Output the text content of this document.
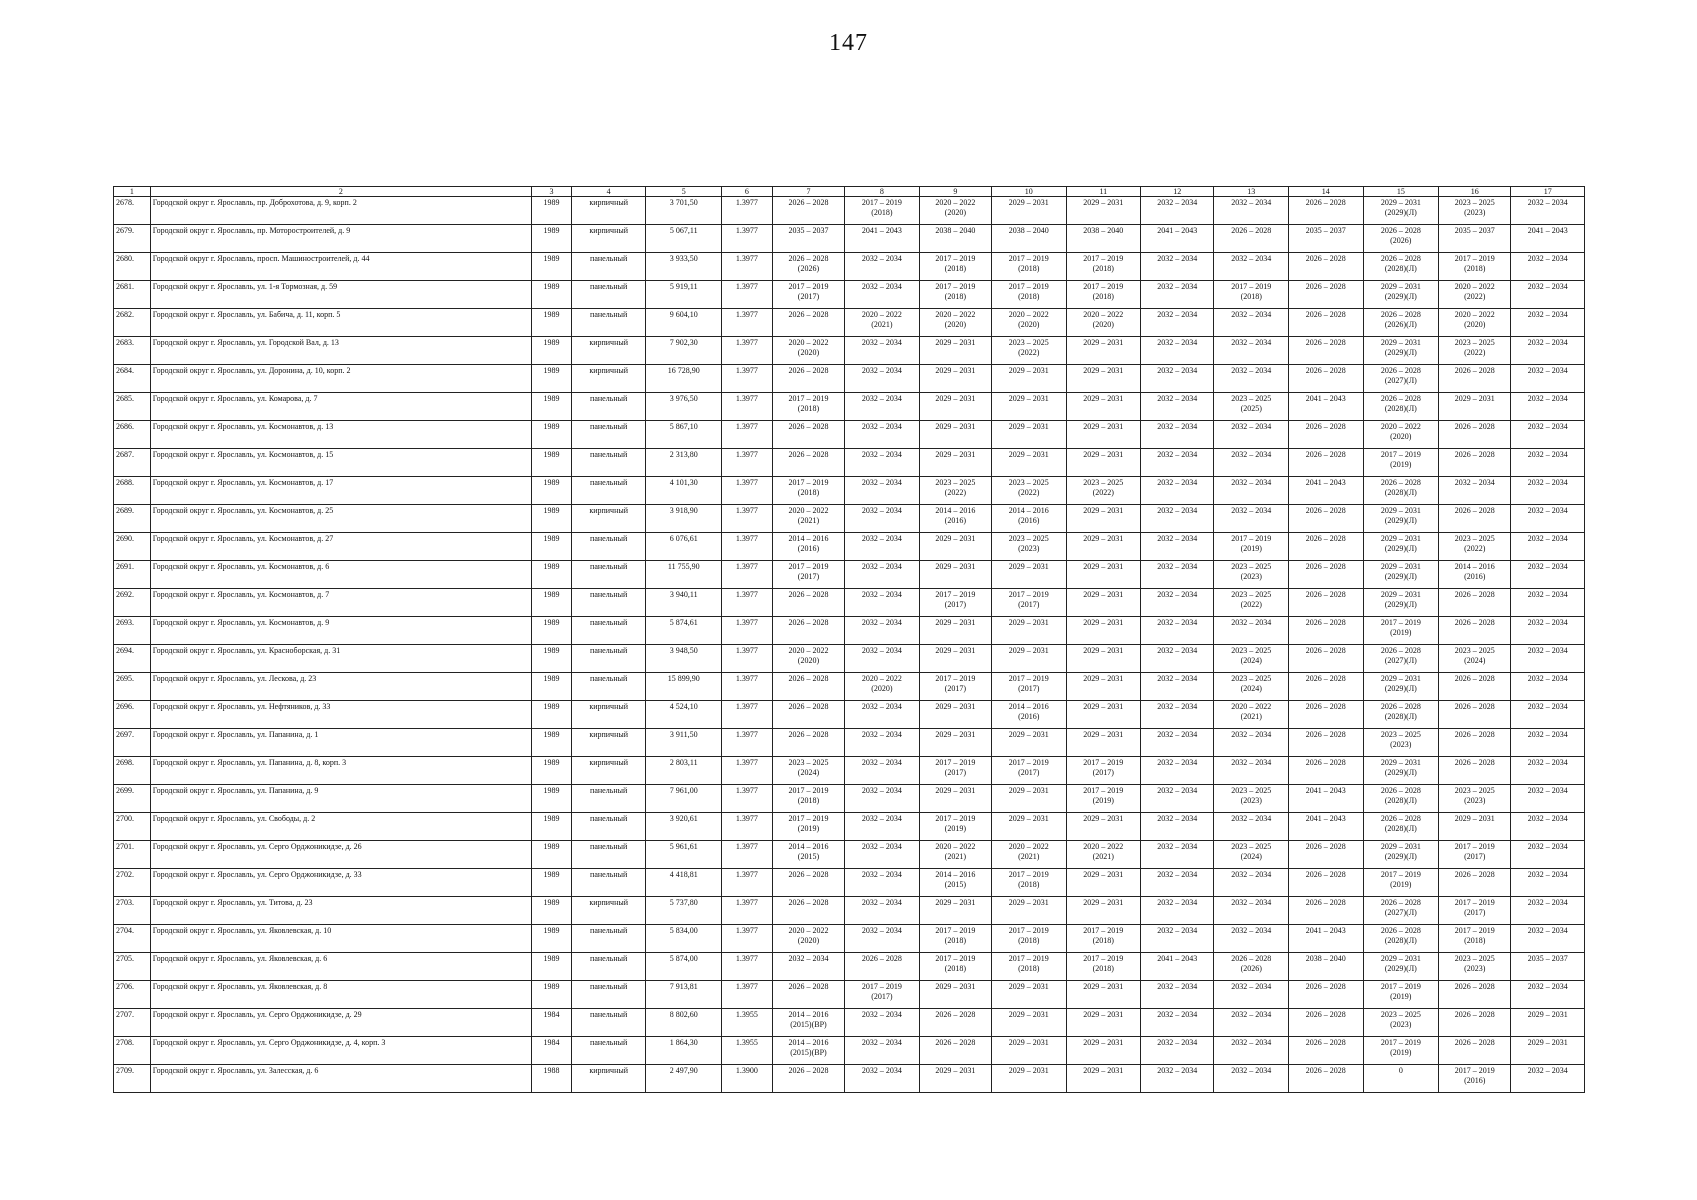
147
1	2	3	4	5	6	7	8	9	10	11	12	13	14	15	16	17
2678.	Городской округ г. Ярославль, пр. Доброхотова, д. 9, корп. 2	1989	кирпичный	3 701,50	1.3977	2026 – 2028	2017 – 2019
(2018)	2020 – 2022
(2020)	2029 – 2031	2029 – 2031	2032 – 2034	2032 – 2034	2026 – 2028	2029 – 2031
(2029)(Л)	2023 – 2025
(2023)	2032 – 2034
2679.	Городской округ г. Ярославль, пр. Моторостроителей, д. 9	1989	кирпичный	5 067,11	1.3977	2035 – 2037	2041 – 2043	2038 – 2040	2038 – 2040	2038 – 2040	2041 – 2043	2026 – 2028	2035 – 2037	2026 – 2028
(2026)	2035 – 2037	2041 – 2043
2680.	Городской округ г. Ярославль, просп. Машиностроителей, д. 44	1989	панельный	3 933,50	1.3977	2026 – 2028
(2026)	2032 – 2034	2017 – 2019
(2018)	2017 – 2019
(2018)	2017 – 2019
(2018)	2032 – 2034	2032 – 2034	2026 – 2028	2026 – 2028
(2028)(Л)	2017 – 2019
(2018)	2032 – 2034
2681.	Городской округ г. Ярославль, ул. 1-я Тормозная, д. 59	1989	панельный	5 919,11	1.3977	2017 – 2019
(2017)	2032 – 2034	2017 – 2019
(2018)	2017 – 2019
(2018)	2017 – 2019
(2018)	2032 – 2034	2017 – 2019
(2018)	2026 – 2028	2029 – 2031
(2029)(Л)	2020 – 2022
(2022)	2032 – 2034
2682.	Городской округ г. Ярославль, ул. Бабича, д. 11, корп. 5	1989	панельный	9 604,10	1.3977	2026 – 2028	2020 – 2022
(2021)	2020 – 2022
(2020)	2020 – 2022
(2020)	2020 – 2022
(2020)	2032 – 2034	2032 – 2034	2026 – 2028	2026 – 2028
(2026)(Л)	2020 – 2022
(2020)	2032 – 2034
2683.	Городской округ г. Ярославль, ул. Городской Вал, д. 13	1989	кирпичный	7 902,30	1.3977	2020 – 2022
(2020)	2032 – 2034	2029 – 2031	2023 – 2025
(2022)	2029 – 2031	2032 – 2034	2032 – 2034	2026 – 2028	2029 – 2031
(2029)(Л)	2023 – 2025
(2022)	2032 – 2034
2684.	Городской округ г. Ярославль, ул. Доронина, д. 10, корп. 2	1989	кирпичный	16 728,90	1.3977	2026 – 2028	2032 – 2034	2029 – 2031	2029 – 2031	2029 – 2031	2032 – 2034	2032 – 2034	2026 – 2028	2026 – 2028
(2027)(Л)	2026 – 2028	2032 – 2034
2685.	Городской округ г. Ярославль, ул. Комарова, д. 7	1989	панельный	3 976,50	1.3977	2017 – 2019
(2018)	2032 – 2034	2029 – 2031	2029 – 2031	2029 – 2031	2032 – 2034	2023 – 2025
(2025)	2041 – 2043	2026 – 2028
(2028)(Л)	2029 – 2031	2032 – 2034
2686.	Городской округ г. Ярославль, ул. Космонавтов, д. 13	1989	панельный	5 867,10	1.3977	2026 – 2028	2032 – 2034	2029 – 2031	2029 – 2031	2029 – 2031	2032 – 2034	2032 – 2034	2026 – 2028	2020 – 2022
(2020)	2026 – 2028	2032 – 2034
2687.	Городской округ г. Ярославль, ул. Космонавтов, д. 15	1989	панельный	2 313,80	1.3977	2026 – 2028	2032 – 2034	2029 – 2031	2029 – 2031	2029 – 2031	2032 – 2034	2032 – 2034	2026 – 2028	2017 – 2019
(2019)	2026 – 2028	2032 – 2034
2688.	Городской округ г. Ярославль, ул. Космонавтов, д. 17	1989	панельный	4 101,30	1.3977	2017 – 2019
(2018)	2032 – 2034	2023 – 2025
(2022)	2023 – 2025
(2022)	2023 – 2025
(2022)	2032 – 2034	2032 – 2034	2041 – 2043	2026 – 2028
(2028)(Л)	2032 – 2034	2032 – 2034
2689.	Городской округ г. Ярославль, ул. Космонавтов, д. 25	1989	кирпичный	3 918,90	1.3977	2020 – 2022
(2021)	2032 – 2034	2014 – 2016
(2016)	2014 – 2016
(2016)	2029 – 2031	2032 – 2034	2032 – 2034	2026 – 2028	2029 – 2031
(2029)(Л)	2026 – 2028	2032 – 2034
2690.	Городской округ г. Ярославль, ул. Космонавтов, д. 27	1989	панельный	6 076,61	1.3977	2014 – 2016
(2016)	2032 – 2034	2029 – 2031	2023 – 2025
(2023)	2029 – 2031	2032 – 2034	2017 – 2019
(2019)	2026 – 2028	2029 – 2031
(2029)(Л)	2023 – 2025
(2022)	2032 – 2034
2691.	Городской округ г. Ярославль, ул. Космонавтов, д. 6	1989	панельный	11 755,90	1.3977	2017 – 2019
(2017)	2032 – 2034	2029 – 2031	2029 – 2031	2029 – 2031	2032 – 2034	2023 – 2025
(2023)	2026 – 2028	2029 – 2031
(2029)(Л)	2014 – 2016
(2016)	2032 – 2034
2692.	Городской округ г. Ярославль, ул. Космонавтов, д. 7	1989	панельный	3 940,11	1.3977	2026 – 2028	2032 – 2034	2017 – 2019
(2017)	2017 – 2019
(2017)	2029 – 2031	2032 – 2034	2023 – 2025
(2022)	2026 – 2028	2029 – 2031
(2029)(Л)	2026 – 2028	2032 – 2034
2693.	Городской округ г. Ярославль, ул. Космонавтов, д. 9	1989	панельный	5 874,61	1.3977	2026 – 2028	2032 – 2034	2029 – 2031	2029 – 2031	2029 – 2031	2032 – 2034	2032 – 2034	2026 – 2028	2017 – 2019
(2019)	2026 – 2028	2032 – 2034
2694.	Городской округ г. Ярославль, ул. Красноборская, д. 31	1989	панельный	3 948,50	1.3977	2020 – 2022
(2020)	2032 – 2034	2029 – 2031	2029 – 2031	2029 – 2031	2032 – 2034	2023 – 2025
(2024)	2026 – 2028	2026 – 2028
(2027)(Л)	2023 – 2025
(2024)	2032 – 2034
2695.	Городской округ г. Ярославль, ул. Лескова, д. 23	1989	панельный	15 899,90	1.3977	2026 – 2028	2020 – 2022
(2020)	2017 – 2019
(2017)	2017 – 2019
(2017)	2029 – 2031	2032 – 2034	2023 – 2025
(2024)	2026 – 2028	2029 – 2031
(2029)(Л)	2026 – 2028	2032 – 2034
2696.	Городской округ г. Ярославль, ул. Нефтяников, д. 33	1989	кирпичный	4 524,10	1.3977	2026 – 2028	2032 – 2034	2029 – 2031	2014 – 2016
(2016)	2029 – 2031	2032 – 2034	2020 – 2022
(2021)	2026 – 2028	2026 – 2028
(2028)(Л)	2026 – 2028	2032 – 2034
2697.	Городской округ г. Ярославль, ул. Папанина, д. 1	1989	кирпичный	3 911,50	1.3977	2026 – 2028	2032 – 2034	2029 – 2031	2029 – 2031	2029 – 2031	2032 – 2034	2032 – 2034	2026 – 2028	2023 – 2025
(2023)	2026 – 2028	2032 – 2034
2698.	Городской округ г. Ярославль, ул. Папанина, д. 8, корп. 3	1989	кирпичный	2 803,11	1.3977	2023 – 2025
(2024)	2032 – 2034	2017 – 2019
(2017)	2017 – 2019
(2017)	2017 – 2019
(2017)	2032 – 2034	2032 – 2034	2026 – 2028	2029 – 2031
(2029)(Л)	2026 – 2028	2032 – 2034
2699.	Городской округ г. Ярославль, ул. Папанина, д. 9	1989	панельный	7 961,00	1.3977	2017 – 2019
(2018)	2032 – 2034	2029 – 2031	2029 – 2031	2017 – 2019
(2019)	2032 – 2034	2023 – 2025
(2023)	2041 – 2043	2026 – 2028
(2028)(Л)	2023 – 2025
(2023)	2032 – 2034
2700.	Городской округ г. Ярославль, ул. Свободы, д. 2	1989	панельный	3 920,61	1.3977	2017 – 2019
(2019)	2032 – 2034	2017 – 2019
(2019)	2029 – 2031	2029 – 2031	2032 – 2034	2032 – 2034	2041 – 2043	2026 – 2028
(2028)(Л)	2029 – 2031	2032 – 2034
2701.	Городской округ г. Ярославль, ул. Серго Орджоникидзе, д. 26	1989	панельный	5 961,61	1.3977	2014 – 2016
(2015)	2032 – 2034	2020 – 2022
(2021)	2020 – 2022
(2021)	2020 – 2022
(2021)	2032 – 2034	2023 – 2025
(2024)	2026 – 2028	2029 – 2031
(2029)(Л)	2017 – 2019
(2017)	2032 – 2034
2702.	Городской округ г. Ярославль, ул. Серго Орджоникидзе, д. 33	1989	панельный	4 418,81	1.3977	2026 – 2028	2032 – 2034	2014 – 2016
(2015)	2017 – 2019
(2018)	2029 – 2031	2032 – 2034	2032 – 2034	2026 – 2028	2017 – 2019
(2019)	2026 – 2028	2032 – 2034
2703.	Городской округ г. Ярославль, ул. Титова, д. 23	1989	кирпичный	5 737,80	1.3977	2026 – 2028	2032 – 2034	2029 – 2031	2029 – 2031	2029 – 2031	2032 – 2034	2032 – 2034	2026 – 2028	2026 – 2028
(2027)(Л)	2017 – 2019
(2017)	2032 – 2034
2704.	Городской округ г. Ярославль, ул. Яковлевская, д. 10	1989	панельный	5 834,00	1.3977	2020 – 2022
(2020)	2032 – 2034	2017 – 2019
(2018)	2017 – 2019
(2018)	2017 – 2019
(2018)	2032 – 2034	2032 – 2034	2041 – 2043	2026 – 2028
(2028)(Л)	2017 – 2019
(2018)	2032 – 2034
2705.	Городской округ г. Ярославль, ул. Яковлевская, д. 6	1989	панельный	5 874,00	1.3977	2032 – 2034	2026 – 2028	2017 – 2019
(2018)	2017 – 2019
(2018)	2017 – 2019
(2018)	2041 – 2043	2026 – 2028
(2026)	2038 – 2040	2029 – 2031
(2029)(Л)	2023 – 2025
(2023)	2035 – 2037
2706.	Городской округ г. Ярославль, ул. Яковлевская, д. 8	1989	панельный	7 913,81	1.3977	2026 – 2028	2017 – 2019
(2017)	2029 – 2031	2029 – 2031	2029 – 2031	2032 – 2034	2032 – 2034	2026 – 2028	2017 – 2019
(2019)	2026 – 2028	2032 – 2034
2707.	Городской округ г. Ярославль, ул. Серго Орджоникидзе, д. 29	1984	панельный	8 802,60	1.3955	2014 – 2016
(2015)(ВР)	2032 – 2034	2026 – 2028	2029 – 2031	2029 – 2031	2032 – 2034	2032 – 2034	2026 – 2028	2023 – 2025
(2023)	2026 – 2028	2029 – 2031
2708.	Городской округ г. Ярославль, ул. Серго Орджоникидзе, д. 4, корп. 3	1984	панельный	1 864,30	1.3955	2014 – 2016
(2015)(ВР)	2032 – 2034	2026 – 2028	2029 – 2031	2029 – 2031	2032 – 2034	2032 – 2034	2026 – 2028	2017 – 2019
(2019)	2026 – 2028	2029 – 2031
2709.	Городской округ г. Ярославль, ул. Залесская, д. 6	1988	кирпичный	2 497,90	1.3900	2026 – 2028	2032 – 2034	2029 – 2031	2029 – 2031	2029 – 2031	2032 – 2034	2032 – 2034	2026 – 2028	0	2017 – 2019
(2016)	2032 – 2034
